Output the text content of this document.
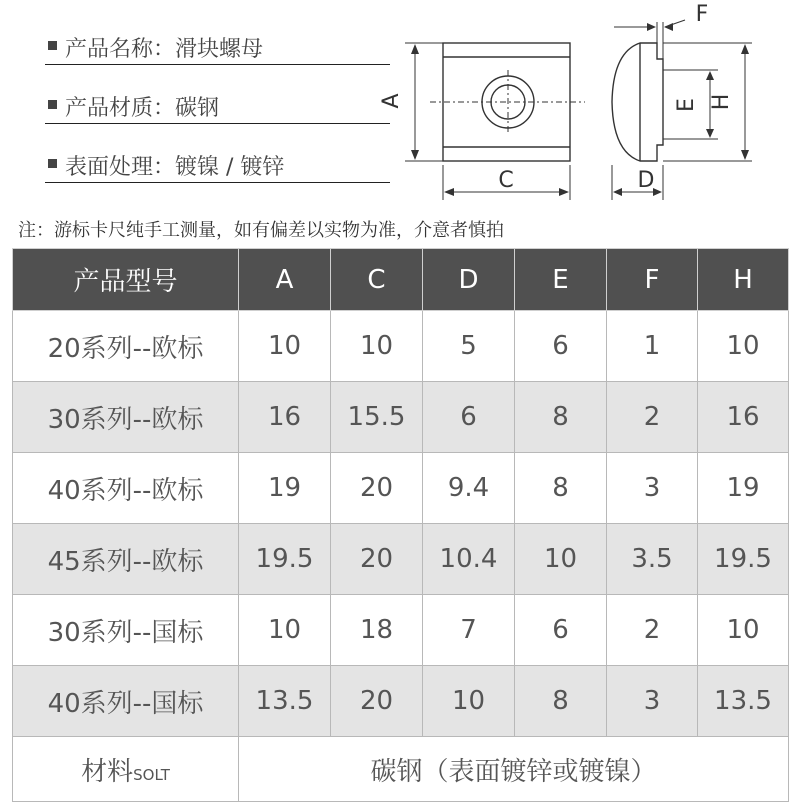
产品名称：滑块螺母
产品材质：碳钢
表面处理：镀镍 / 镀锌
A
C
F
E H
D
注：游标卡尺纯手工测量，如有偏差以实物为准，介意者慎拍
产品型号	A	C	D	E	F	H
20系列--欧标	10	10	5	6	1	10
30系列--欧标	16	15.5	6	8	2	16
40系列--欧标	19	20	9.4	8	3	19
45系列--欧标	19.5	20	10.4	10	3.5	19.5
30系列--国标	10	18	7	6	2	10
40系列--国标	13.5	20	10	8	3	13.5
材料SOLT	碳钢（表面镀锌或镀镍）					
